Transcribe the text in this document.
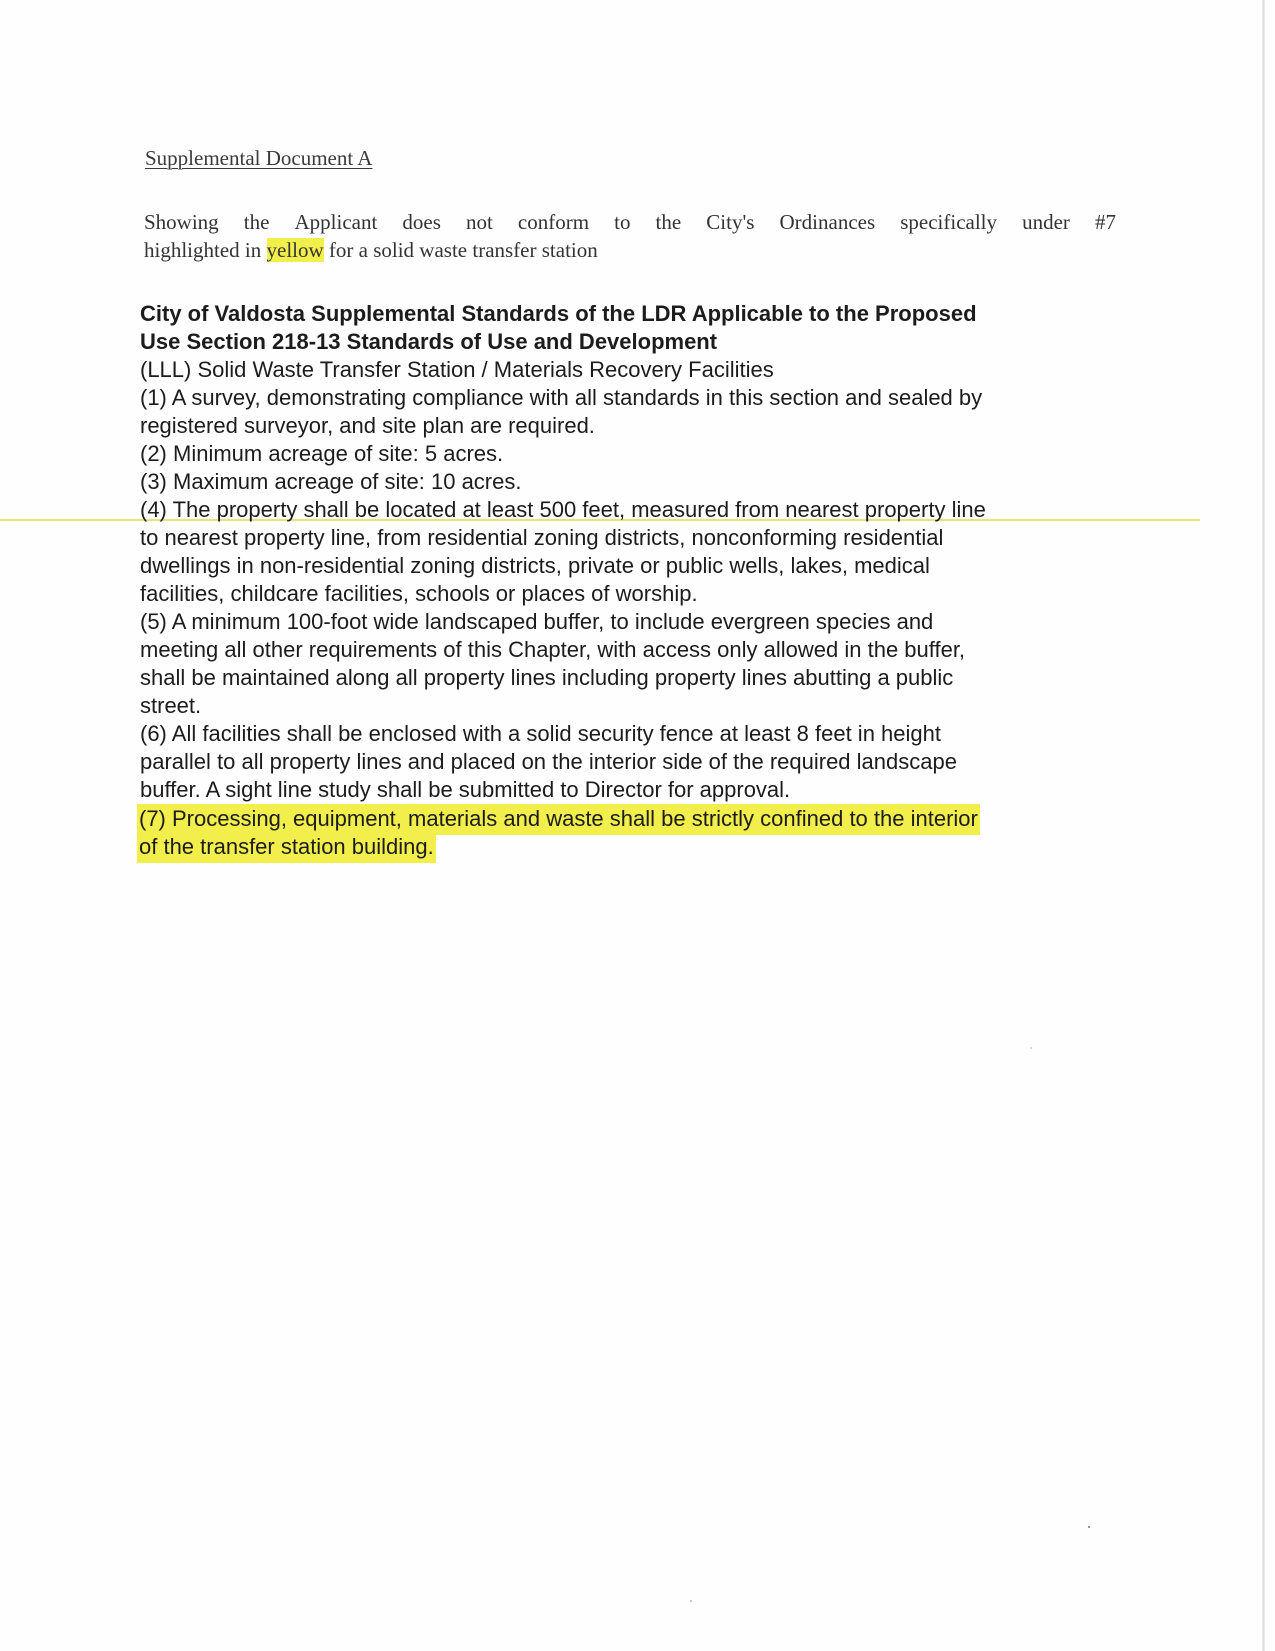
Supplemental Document A
Showing the Applicant does not conform to the City's Ordinances specifically under #7
highlighted in yellow for a solid waste transfer station
City of Valdosta Supplemental Standards of the LDR Applicable to the Proposed
Use Section 218-13 Standards of Use and Development
(LLL) Solid Waste Transfer Station / Materials Recovery Facilities
(1) A survey, demonstrating compliance with all standards in this section and sealed by
registered surveyor, and site plan are required.
(2) Minimum acreage of site: 5 acres.
(3) Maximum acreage of site: 10 acres.
(4) The property shall be located at least 500 feet, measured from nearest property line
to nearest property line, from residential zoning districts, nonconforming residential
dwellings in non-residential zoning districts, private or public wells, lakes, medical
facilities, childcare facilities, schools or places of worship.
(5) A minimum 100-foot wide landscaped buffer, to include evergreen species and
meeting all other requirements of this Chapter, with access only allowed in the buffer,
shall be maintained along all property lines including property lines abutting a public
street.
(6) All facilities shall be enclosed with a solid security fence at least 8 feet in height
parallel to all property lines and placed on the interior side of the required landscape
buffer. A sight line study shall be submitted to Director for approval.
(7) Processing, equipment, materials and waste shall be strictly confined to the interior
of the transfer station building.
